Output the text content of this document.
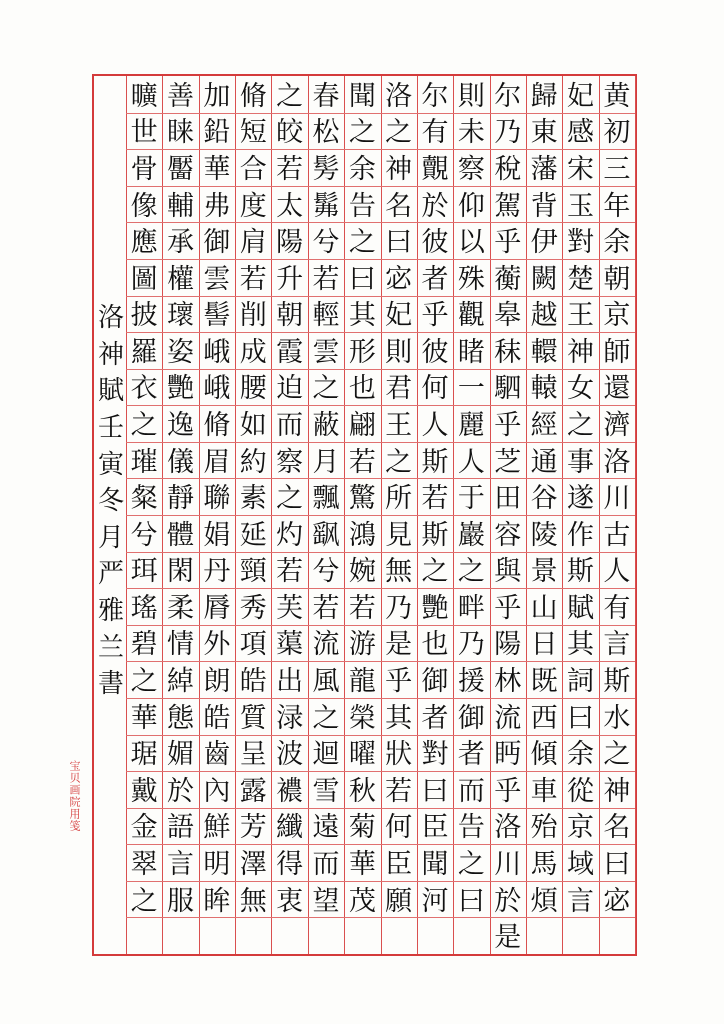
黄
初
三
年
余
朝
京
師
還
濟
洛
川
古
人
有
言
斯
水
之
神
名
曰
宓
妃
感
宋
玉
對
楚
王
神
女
之
事
遂
作
斯
賦
其
詞
曰
余
從
京
域
言
歸
東
藩
背
伊
闕
越
轘
轅
經
通
谷
陵
景
山
日
既
西
傾
車
殆
馬
煩
尔
乃
稅
駕
乎
蘅
皋
秣
駟
乎
芝
田
容
與
乎
陽
林
流
眄
乎
洛
川
於
是
則
未
察
仰
以
殊
觀
睹
一
麗
人
于
巖
之
畔
乃
援
御
者
而
告
之
曰
尔
有
覿
於
彼
者
乎
彼
何
人
斯
若
斯
之
艷
也
御
者
對
曰
臣
聞
河
洛
之
神
名
曰
宓
妃
則
君
王
之
所
見
無
乃
是
乎
其
狀
若
何
臣
願
聞
之
余
告
之
曰
其
形
也
翩
若
驚
鴻
婉
若
游
龍
榮
曜
秋
菊
華
茂
春
松
髣
髴
兮
若
輕
雲
之
蔽
月
飄
飖
兮
若
流
風
之
迴
雪
遠
而
望
之
皎
若
太
陽
升
朝
霞
迫
而
察
之
灼
若
芙
蕖
出
渌
波
襛
纖
得
衷
脩
短
合
度
肩
若
削
成
腰
如
約
素
延
頸
秀
項
皓
質
呈
露
芳
澤
無
加
鉛
華
弗
御
雲
髻
峨
峨
脩
眉
聯
娟
丹
脣
外
朗
皓
齒
內
鮮
明
眸
善
睐
靨
輔
承
權
瓌
姿
艷
逸
儀
靜
體
閑
柔
情
綽
態
媚
於
語
言
服
曠
世
骨
像
應
圖
披
羅
衣
之
璀
粲
兮
珥
瑤
碧
之
華
琚
戴
金
翠
之
洛
神
賦
壬
寅
冬
月
严
雅
兰
書
宝贝画院用笺
